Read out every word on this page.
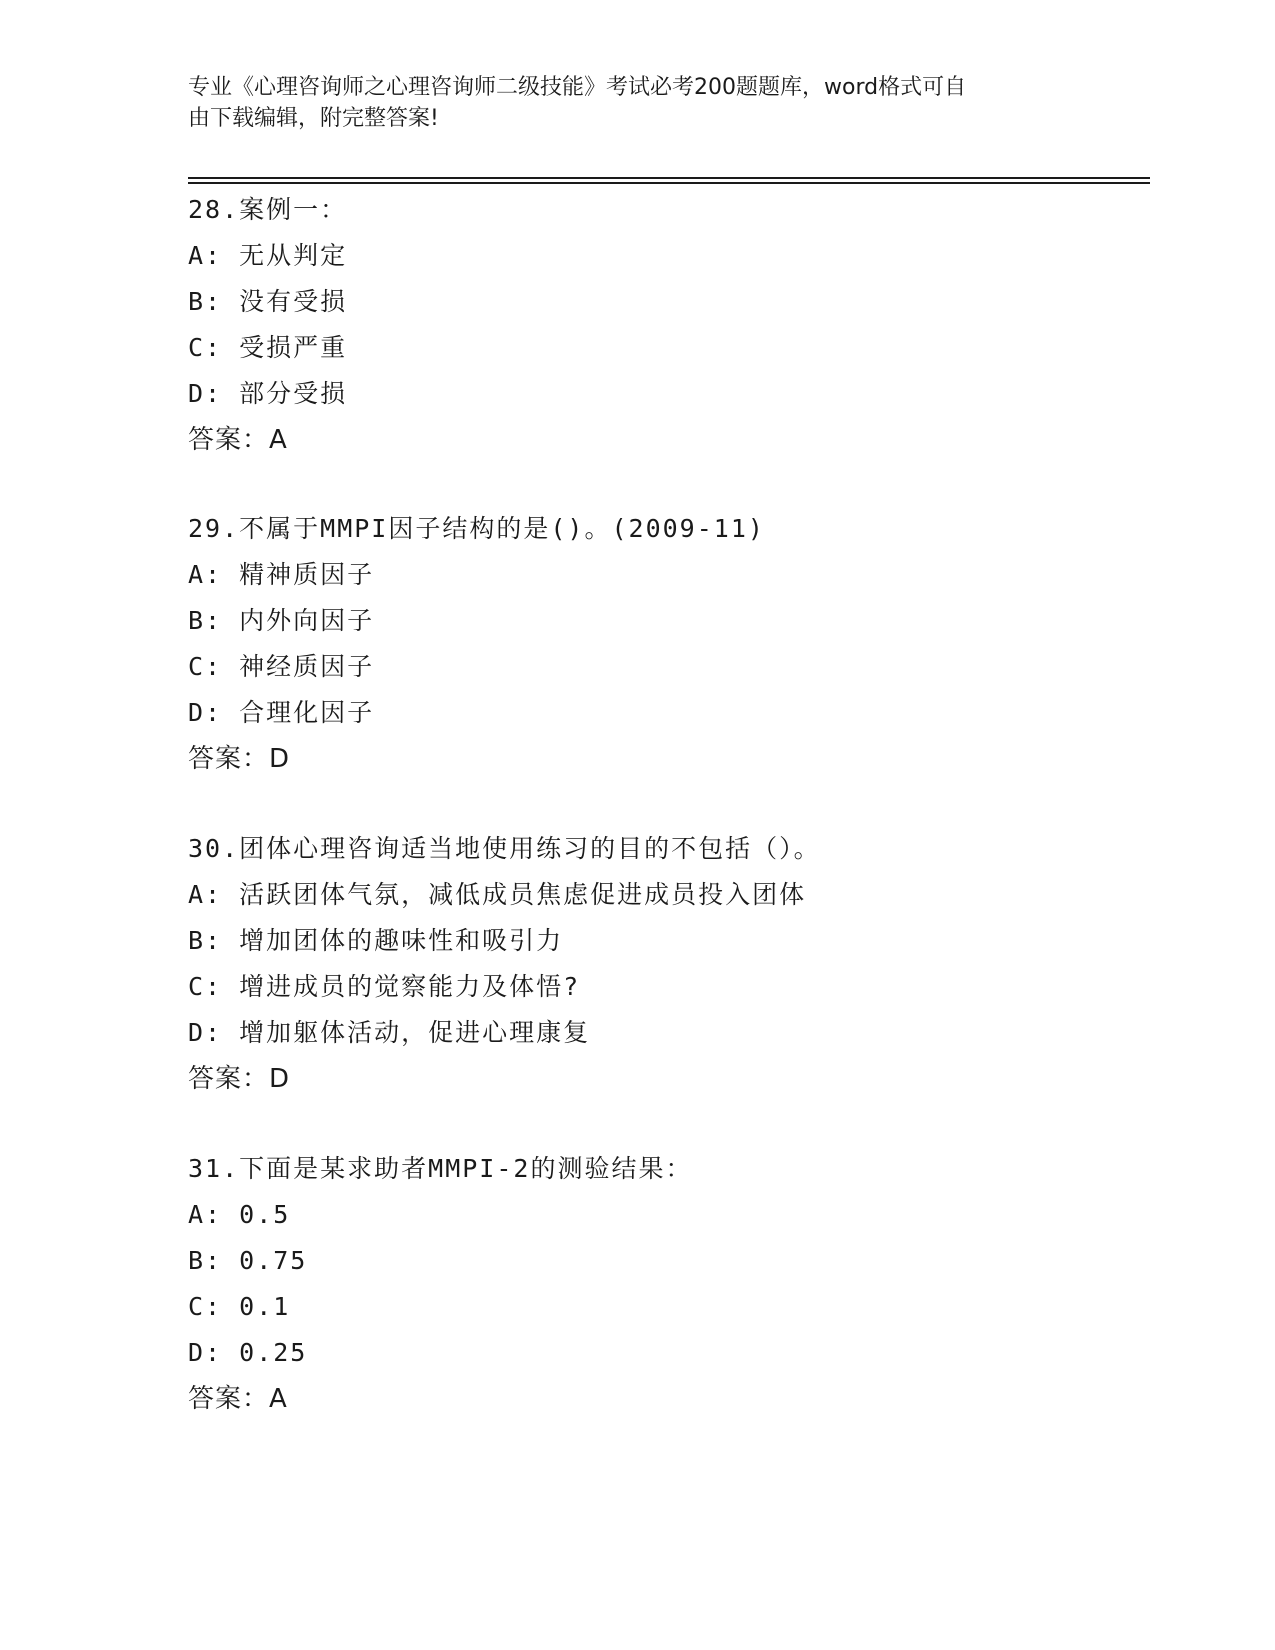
专业《心理咨询师之心理咨询师二级技能》考试必考200题题库，word格式可自
由下载编辑，附完整答案!
28.案例一：
A: 无从判定
B: 没有受损
C: 受损严重
D: 部分受损
答案：A
29.不属于MMPI因子结构的是()。(2009-11)
A: 精神质因子
B: 内外向因子
C: 神经质因子
D: 合理化因子
答案：D
30.团体心理咨询适当地使用练习的目的不包括（）。
A: 活跃团体气氛，减低成员焦虑促进成员投入团体
B: 增加团体的趣味性和吸引力
C: 增进成员的觉察能力及体悟?
D: 增加躯体活动，促进心理康复
答案：D
31.下面是某求助者MMPI-2的测验结果：
A: 0.5
B: 0.75
C: 0.1
D: 0.25
答案：A
